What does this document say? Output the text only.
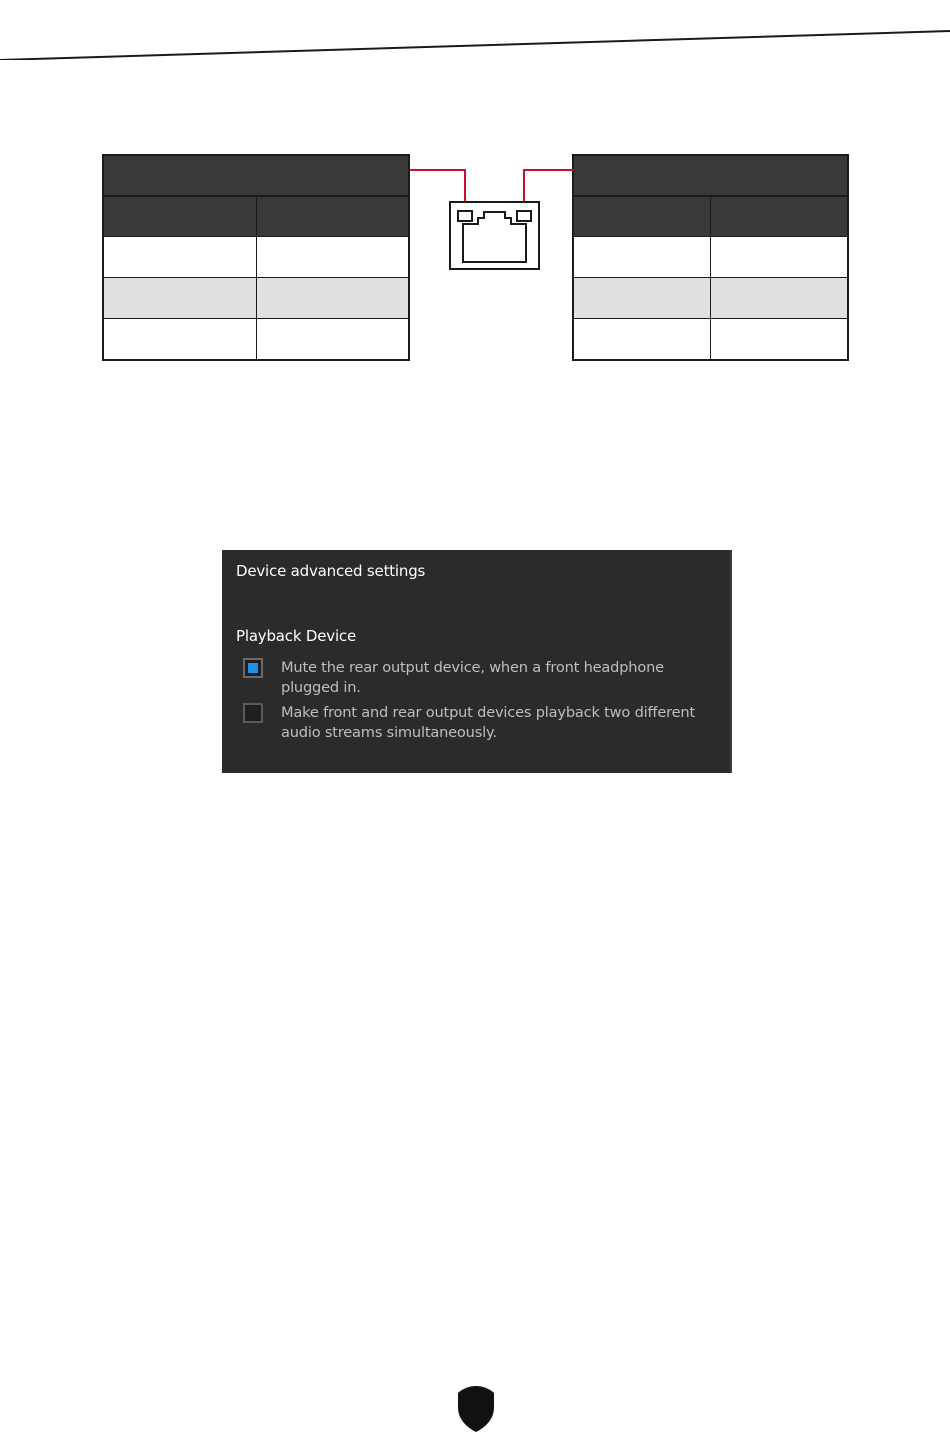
Device advanced settings
Playback Device
Mute the rear output device, when a front headphone plugged in.
Make front and rear output devices playback two different audio streams simultaneously.
